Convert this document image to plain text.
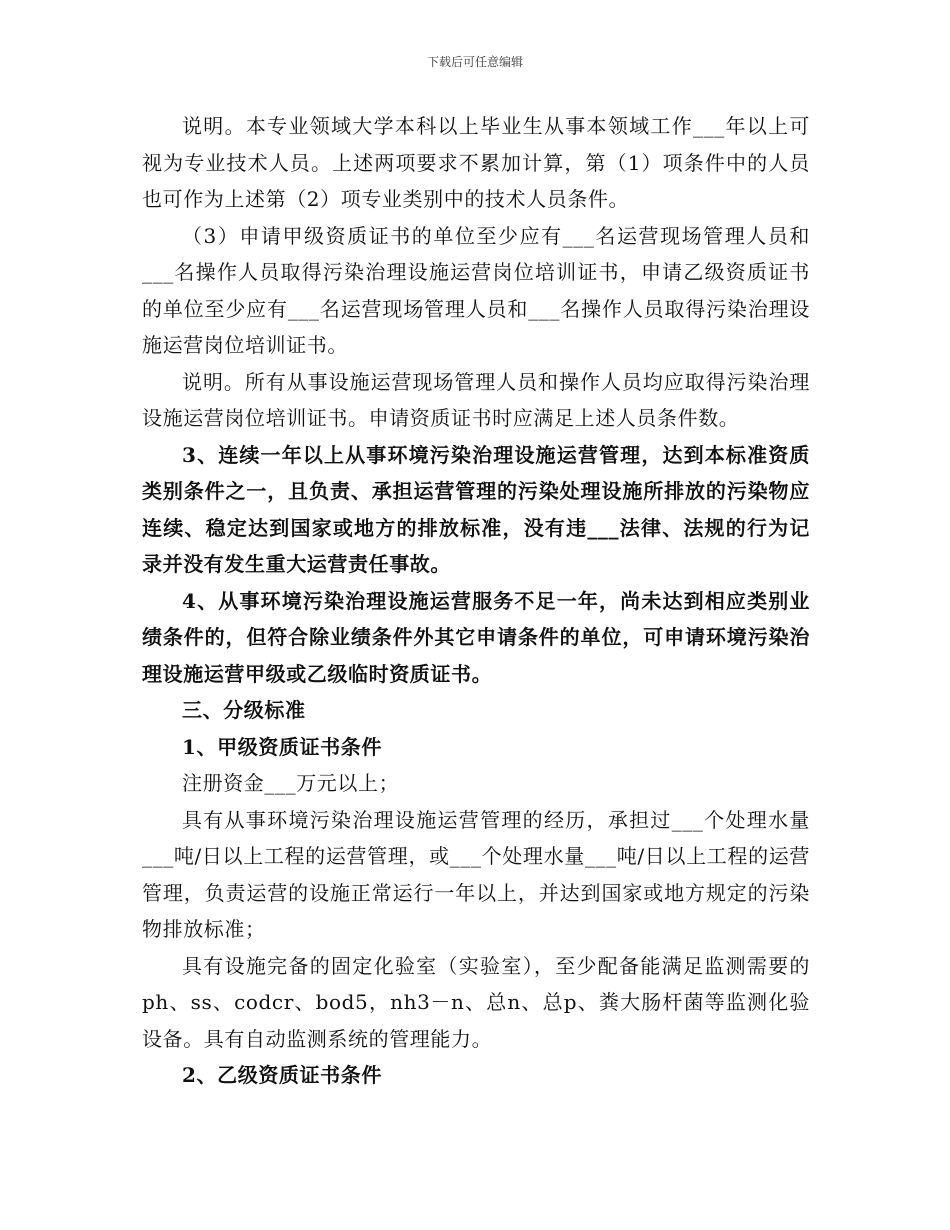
下载后可任意编辑

说明。本专业领域大学本科以上毕业生从事本领域工作___年以上可视为专业技术人员。上述两项要求不累加计算，第（1）项条件中的人员也可作为上述第（2）项专业类别中的技术人员条件。

（3）申请甲级资质证书的单位至少应有___名运营现场管理人员和___名操作人员取得污染治理设施运营岗位培训证书，申请乙级资质证书的单位至少应有___名运营现场管理人员和___名操作人员取得污染治理设施运营岗位培训证书。

说明。所有从事设施运营现场管理人员和操作人员均应取得污染治理设施运营岗位培训证书。申请资质证书时应满足上述人员条件数。

3、连续一年以上从事环境污染治理设施运营管理，达到本标准资质类别条件之一，且负责、承担运营管理的污染处理设施所排放的污染物应连续、稳定达到国家或地方的排放标准，没有违___法律、法规的行为记录并没有发生重大运营责任事故。

4、从事环境污染治理设施运营服务不足一年，尚未达到相应类别业绩条件的，但符合除业绩条件外其它申请条件的单位，可申请环境污染治理设施运营甲级或乙级临时资质证书。

三、分级标准

1、甲级资质证书条件

注册资金___万元以上；

具有从事环境污染治理设施运营管理的经历，承担过___个处理水量___吨/日以上工程的运营管理，或___个处理水量___吨/日以上工程的运营管理，负责运营的设施正常运行一年以上，并达到国家或地方规定的污染物排放标准；

具有设施完备的固定化验室（实验室），至少配备能满足监测需要的ph、ss、codcr、bod5，nh3－n、总n、总p、粪大肠杆菌等监测化验设备。具有自动监测系统的管理能力。

2、乙级资质证书条件
